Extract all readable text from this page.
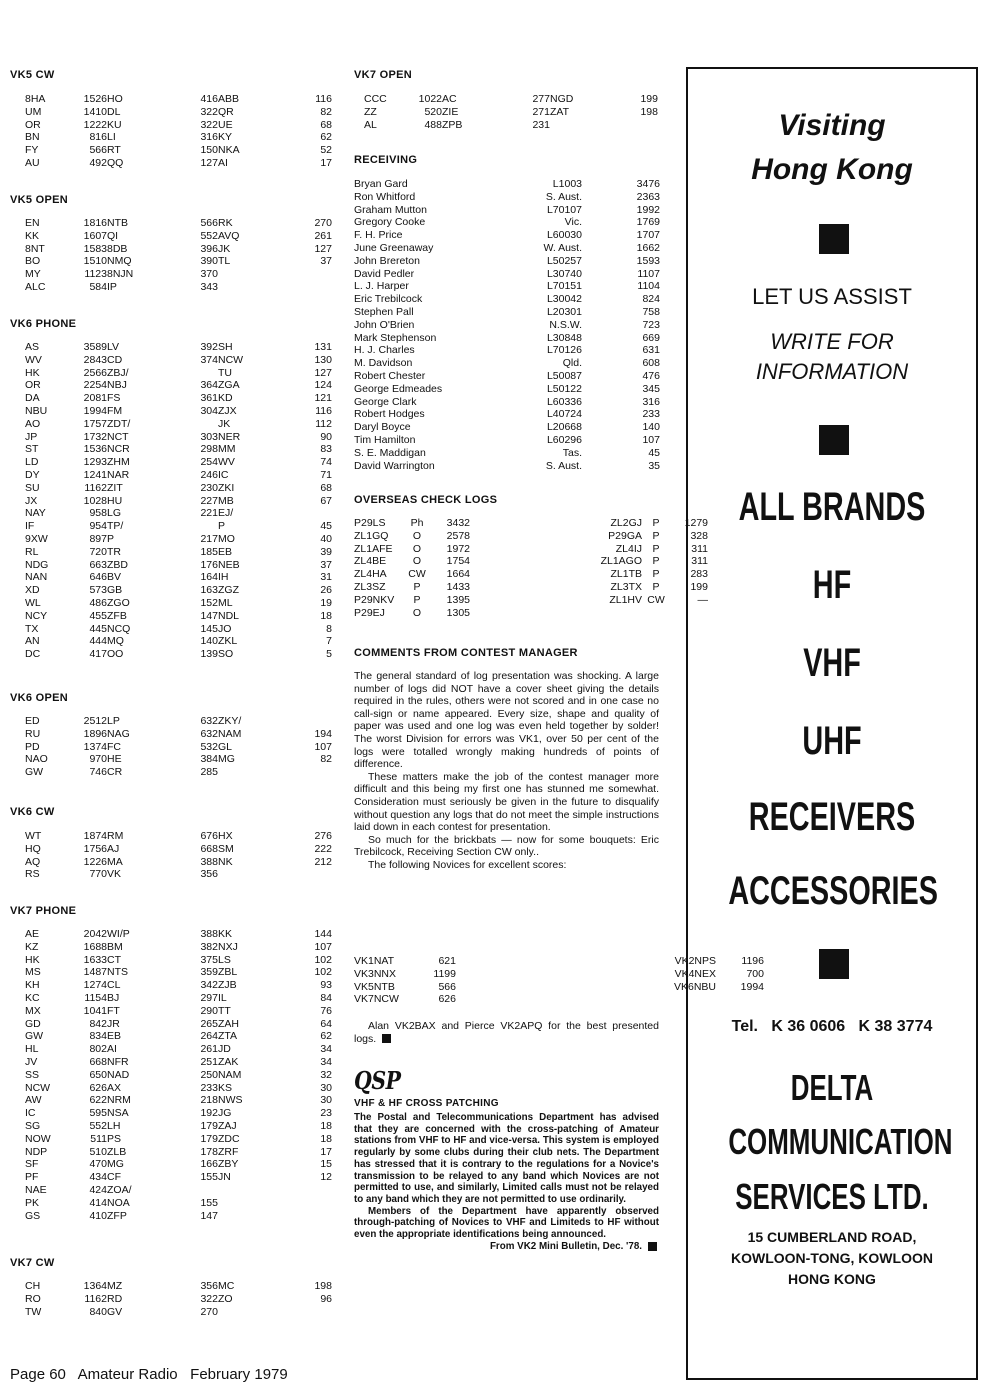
VK5 CW
8HA	1526	HO	416	ABB	116
UM	1410	DL	322	QR	82
OR	1222	KU	322	UE	68
BN	816	LI	316	KY	62
FY	566	RT	150	NKA	52
AU	492	QQ	127	AI	17
VK5 OPEN
EN	1816	NTB	566	RK	270
KK	1607	QI	552	AVQ	261
8NT	1583	8DB	396	JK	127
BO	1510	NMQ	390	TL	37
MY	1123	8NJN	370		
ALC	584	IP	343		
VK6 PHONE
AS	3589	LV	392	SH	131
WV	2843	CD	374	NCW	130
HK	2566	ZBJ/		TU	127
OR	2254	NBJ	364	ZGA	124
DA	2081	FS	361	KD	121
NBU	1994	FM	304	ZJX	116
AO	1757	ZDT/		JK	112
JP	1732	NCT	303	NER	90
ST	1536	NCR	298	MM	83
LD	1293	ZHM	254	WV	74
DY	1241	NAR	246	IC	71
SU	1162	ZIT	230	ZKI	68
JX	1028	HU	227	MB	67
NAY	958	LG	221	EJ/	
IF	954	TP/		P	45
9XW	897	P	217	MO	40
RL	720	TR	185	EB	39
NDG	663	ZBD	176	NEB	37
NAN	646	BV	164	IH	31
XD	573	GB	163	ZGZ	26
WL	486	ZGO	152	ML	19
NCY	455	ZFB	147	NDL	18
TX	445	NCQ	145	JO	8
AN	444	MQ	140	ZKL	7
DC	417	OO	139	SO	5
VK6 OPEN
ED	2512	LP	632	ZKY/	
RU	1896	NAG	632	NAM	194
PD	1374	FC	532	GL	107
NAO	970	HE	384	MG	82
GW	746	CR	285		
VK6 CW
WT	1874	RM	676	HX	276
HQ	1756	AJ	668	SM	222
AQ	1226	MA	388	NK	212
RS	770	VK	356		
VK7 PHONE
AE	2042	WI/P	388	KK	144
KZ	1688	BM	382	NXJ	107
HK	1633	CT	375	LS	102
MS	1487	NTS	359	ZBL	102
KH	1274	CL	342	ZJB	93
KC	1154	BJ	297	IL	84
MX	1041	FT	290	TT	76
GD	842	JR	265	ZAH	64
GW	834	EB	264	ZTA	62
HL	802	AI	261	JD	34
JV	668	NFR	251	ZAK	34
SS	650	NAD	250	NAM	32
NCW	626	AX	233	KS	30
AW	622	NRM	218	NWS	30
IC	595	NSA	192	JG	23
SG	552	LH	179	ZAJ	18
NOW	511	PS	179	ZDC	18
NDP	510	ZLB	178	ZRF	17
SF	470	MG	166	ZBY	15
PF	434	CF	155	JN	12
NAE	424	ZOA/			
PK	414	NOA	155		
GS	410	ZFP	147		
VK7 CW
CH	1364	MZ	356	MC	198
RO	1162	RD	322	ZO	96
TW	840	GV	270		
VK7 OPEN
CCC	1022	AC	277	NGD	199
ZZ	520	ZIE	271	ZAT	198
AL	488	ZPB	231		
RECEIVING
Bryan Gard	L1003	3476
Ron Whitford	S. Aust.	2363
Graham Mutton	L70107	1992
Gregory Cooke	Vic.	1769
F. H. Price	L60030	1707
June Greenaway	W. Aust.	1662
John Brereton	L50257	1593
David Pedler	L30740	1107
L. J. Harper	L70151	1104
Eric Trebilcock	L30042	824
Stephen Pall	L20301	758
John O'Brien	N.S.W.	723
Mark Stephenson	L30848	669
H. J. Charles	L70126	631
M. Davidson	Qld.	608
Robert Chester	L50087	476
George Edmeades	L50122	345
George Clark	L60336	316
Robert Hodges	L40724	233
Daryl Boyce	L20668	140
Tim Hamilton	L60296	107
S. E. Maddigan	Tas.	45
David Warrington	S. Aust.	35
OVERSEAS CHECK LOGS
P29LS	Ph	3432	ZL2GJ	P	1279
ZL1GQ	O	2578	P29GA	P	328
ZL1AFE	O	1972	ZL4IJ	P	311
ZL4BE	O	1754	ZL1AGO	P	311
ZL4HA	CW	1664	ZL1TB	P	283
ZL3SZ	P	1433	ZL3TX	P	199
P29NKV	P	1395	ZL1HV	CW	—
P29EJ	O	1305			
COMMENTS FROM CONTEST MANAGER

The general standard of log presentation was shocking. A large number of logs did NOT have a cover sheet giving the details required in the rules, others were not scored and in one case no call-sign or name appeared. Every size, shape and quality of paper was used and one log was even held together by solder! The worst Division for errors was VK1, over 50 per cent of the logs were totalled wrongly making hundreds of points of difference.

These matters make the job of the contest manager more difficult and this being my first one has stunned me somewhat. Consideration must seriously be given in the future to disqualify without question any logs that do not meet the simple instructions laid down in each contest for presentation.

So much for the brickbats — now for some bouquets: Eric Trebilcock, Receiving Section CW only..

The following Novices for excellent scores:

VK1NAT	621	VK2NPS	1196
VK3NNX	1199	VK4NEX	700
VK5NTB	566	VK6NBU	1994
VK7NCW	626		

Alan VK2BAX and Pierce VK2APQ for the best presented logs.

QSP
VHF & HF CROSS PATCHING

The Postal and Telecommunications Department has advised that they are concerned with the cross-patching of Amateur stations from VHF to HF and vice-versa. This system is employed regularly by some clubs during their club nets. The Department has stressed that it is contrary to the regulations for a Novice's transmission to be relayed to any band which Novices are not permitted to use, and similarly, Limited calls must not be relayed to any band which they are not permitted to use ordinarily.

Members of the Department have apparently observed through-patching of Novices to VHF and Limiteds to HF without even the appropriate identifications being announced.

From VK2 Mini Bulletin, Dec. '78.

Visiting
Hong Kong
LET US ASSIST
WRITE FOR
INFORMATION
ALL BRANDS
HF
VHF
UHF
RECEIVERS
ACCESSORIES
Tel. K 36 0606 K 38 3774
DELTA
COMMUNICATION
SERVICES LTD.
15 CUMBERLAND ROAD,
KOWLOON-TONG, KOWLOON
HONG KONG
Page 60 Amateur Radio February 1979
